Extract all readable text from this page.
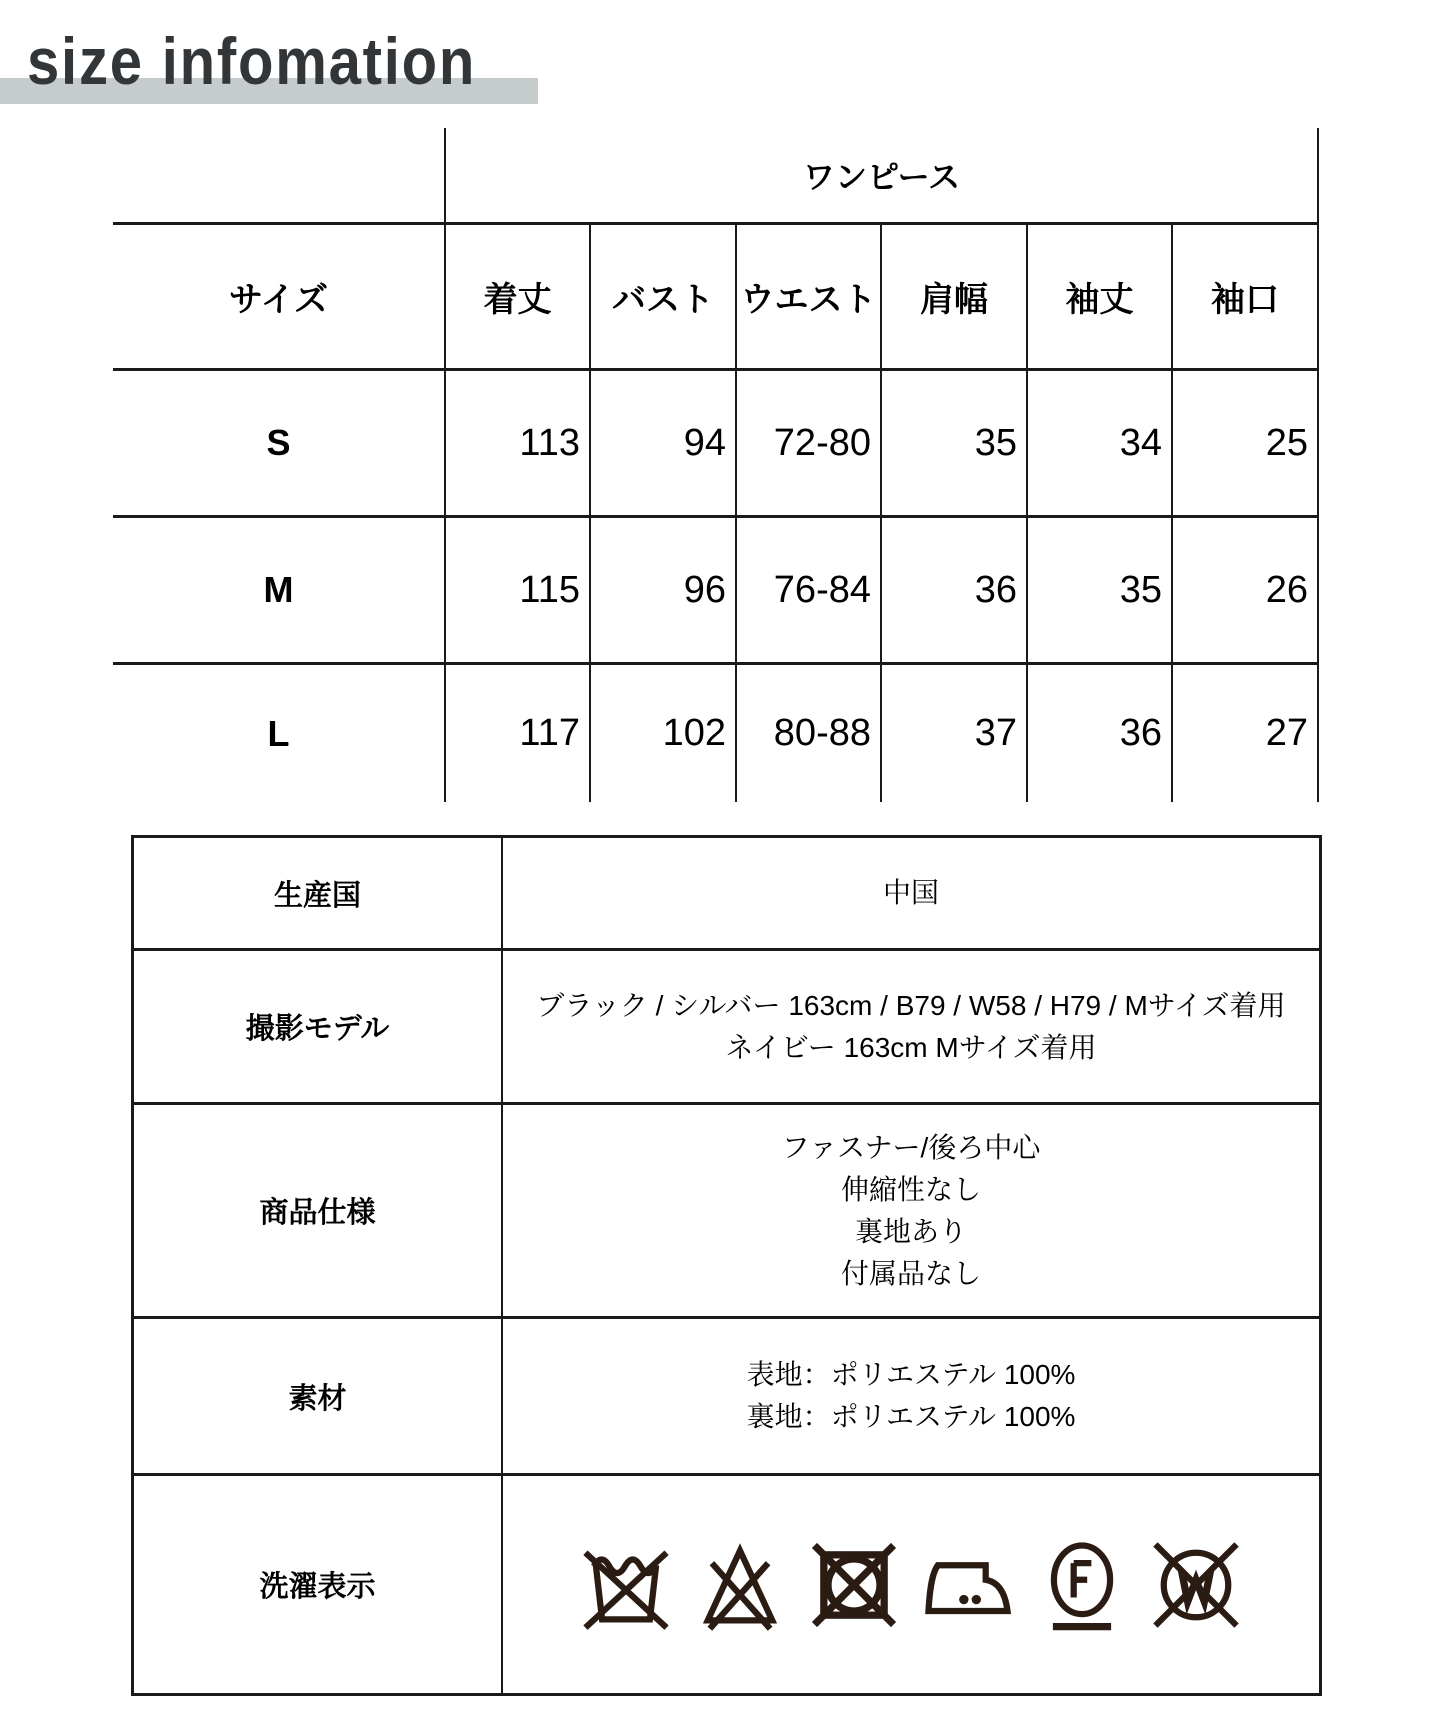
size infomation
	ワンピース					
サイズ	着丈	バスト	ウエスト	肩幅	袖丈	袖口
S	113	94	72-80	35	34	25
M	115	96	76-84	36	35	26
L	117	102	80-88	37	36	27
生産国	中国
撮影モデル	ブラック / シルバー 163cm / B79 / W58 / H79 / Mサイズ着用
ネイビー 163cm Mサイズ着用

商品仕様	ファスナー/後ろ中心
伸縮性なし
裏地あり
付属品なし

素材	表地：ポリエステル 100%
裏地：ポリエステル 100%

洗濯表示	
